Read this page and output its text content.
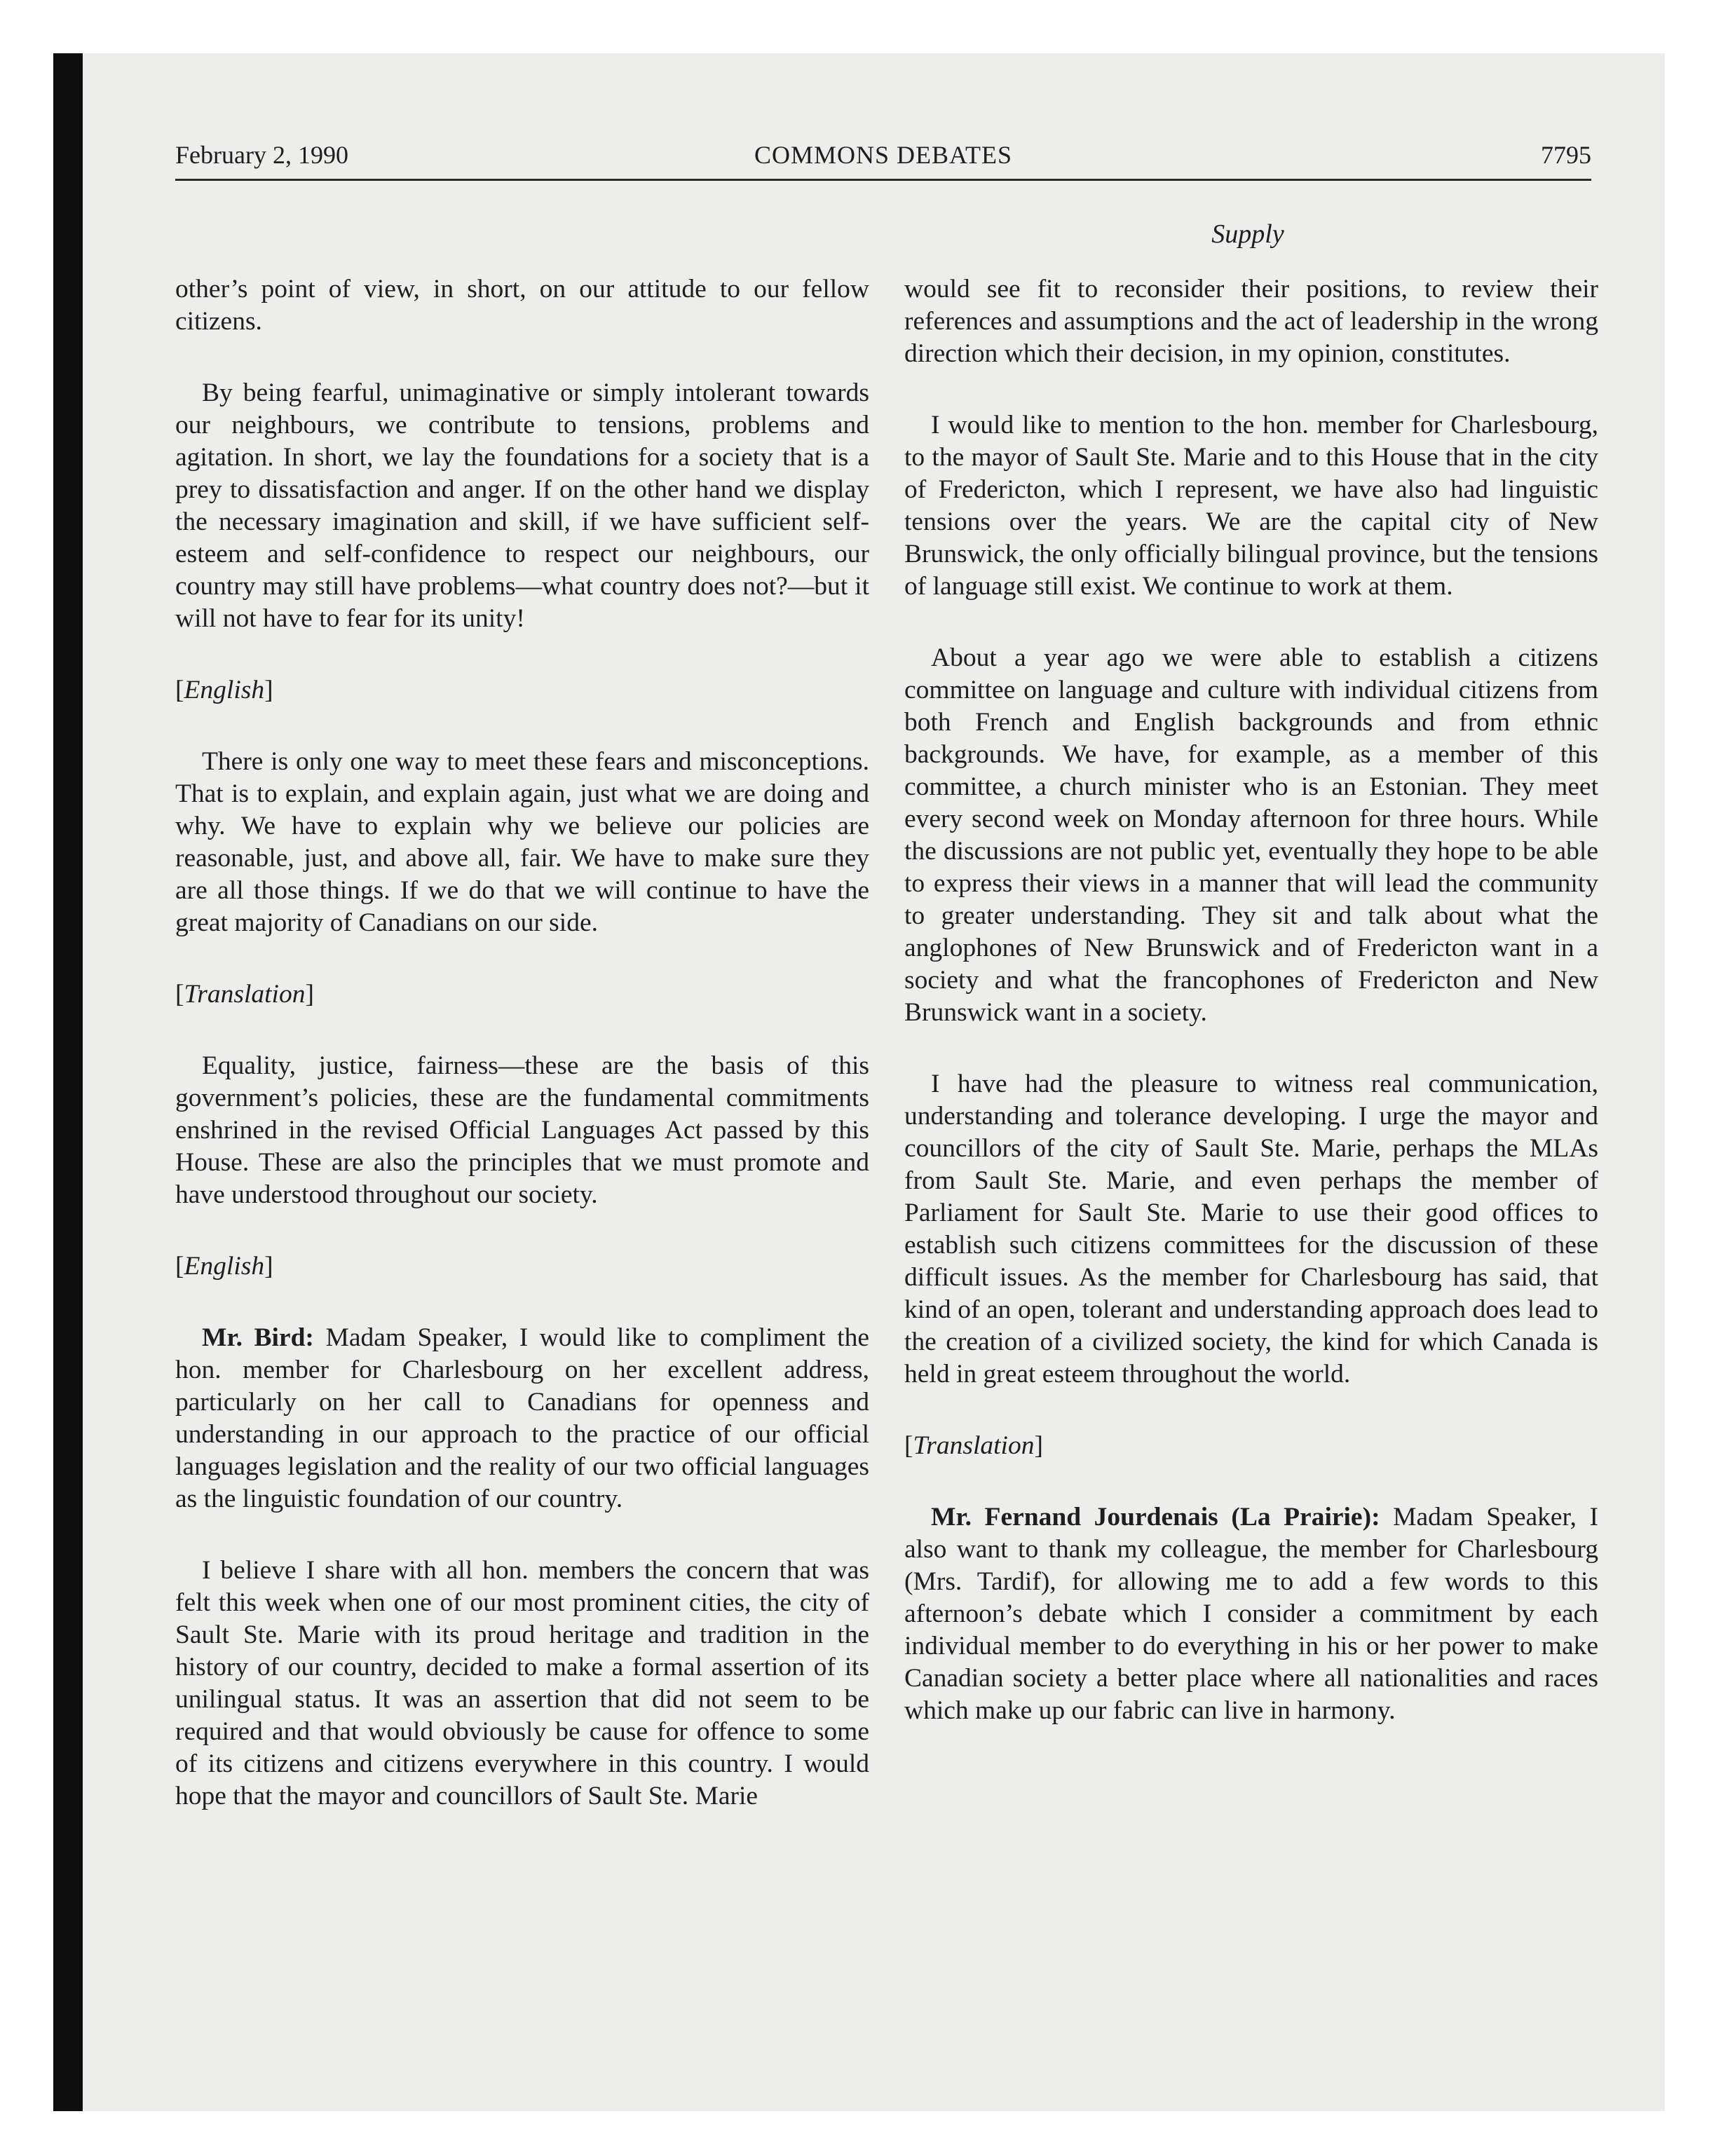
February 2, 1990	COMMONS DEBATES	7795
Supply

other’s point of view, in short, on our attitude to our fellow citizens.

By being fearful, unimaginative or simply intolerant towards our neighbours, we contribute to tensions, problems and agitation. In short, we lay the foundations for a society that is a prey to dissatisfaction and anger. If on the other hand we display the necessary imagination and skill, if we have sufficient self-esteem and self-confidence to respect our neighbours, our country may still have problems—what country does not?—but it will not have to fear for its unity!

[English]

There is only one way to meet these fears and misconceptions. That is to explain, and explain again, just what we are doing and why. We have to explain why we believe our policies are reasonable, just, and above all, fair. We have to make sure they are all those things. If we do that we will continue to have the great majority of Canadians on our side.

[Translation]

Equality, justice, fairness—these are the basis of this government’s policies, these are the fundamental commitments enshrined in the revised Official Languages Act passed by this House. These are also the principles that we must promote and have understood throughout our society.

[English]

Mr. Bird: Madam Speaker, I would like to compliment the hon. member for Charlesbourg on her excellent address, particularly on her call to Canadians for openness and understanding in our approach to the practice of our official languages legislation and the reality of our two official languages as the linguistic foundation of our country.

I believe I share with all hon. members the concern that was felt this week when one of our most prominent cities, the city of Sault Ste. Marie with its proud heritage and tradition in the history of our country, decided to make a formal assertion of its unilingual status. It was an assertion that did not seem to be required and that would obviously be cause for offence to some of its citizens and citizens everywhere in this country. I would hope that the mayor and councillors of Sault Ste. Marie

would see fit to reconsider their positions, to review their references and assumptions and the act of leadership in the wrong direction which their decision, in my opinion, constitutes.

I would like to mention to the hon. member for Charlesbourg, to the mayor of Sault Ste. Marie and to this House that in the city of Fredericton, which I represent, we have also had linguistic tensions over the years. We are the capital city of New Brunswick, the only officially bilingual province, but the tensions of language still exist. We continue to work at them.

About a year ago we were able to establish a citizens committee on language and culture with individual citizens from both French and English backgrounds and from ethnic backgrounds. We have, for example, as a member of this committee, a church minister who is an Estonian. They meet every second week on Monday afternoon for three hours. While the discussions are not public yet, eventually they hope to be able to express their views in a manner that will lead the community to greater understanding. They sit and talk about what the anglophones of New Brunswick and of Fredericton want in a society and what the francophones of Fredericton and New Brunswick want in a society.

I have had the pleasure to witness real communication, understanding and tolerance developing. I urge the mayor and councillors of the city of Sault Ste. Marie, perhaps the MLAs from Sault Ste. Marie, and even perhaps the member of Parliament for Sault Ste. Marie to use their good offices to establish such citizens committees for the discussion of these difficult issues. As the member for Charlesbourg has said, that kind of an open, tolerant and understanding approach does lead to the creation of a civilized society, the kind for which Canada is held in great esteem throughout the world.

[Translation]

Mr. Fernand Jourdenais (La Prairie): Madam Speaker, I also want to thank my colleague, the member for Charlesbourg (Mrs. Tardif), for allowing me to add a few words to this afternoon’s debate which I consider a commitment by each individual member to do everything in his or her power to make Canadian society a better place where all nationalities and races which make up our fabric can live in harmony.
